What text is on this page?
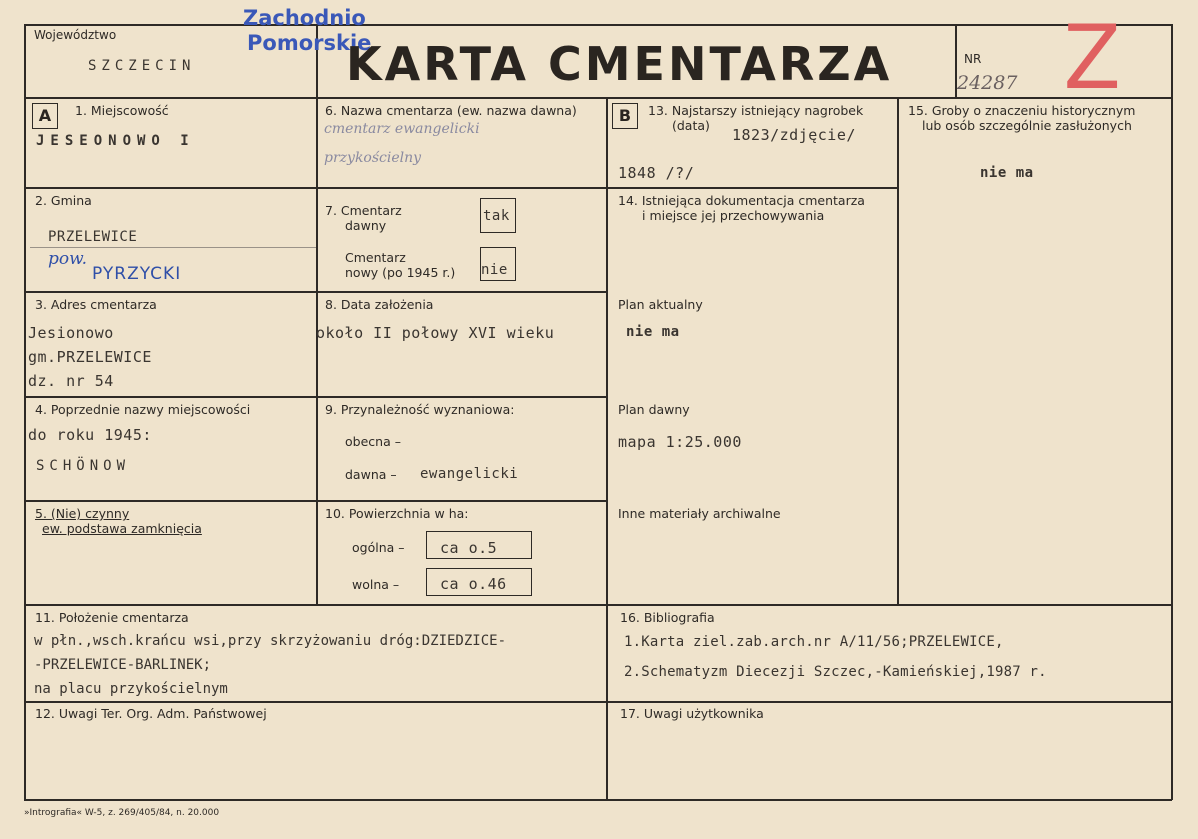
Województwo
SZCZECIN
Zachodnio
Pomorskie
KARTA CMENTARZA	NR
24287 Z
A	1. Miejscowość
JESEONOWO I
2. Gmina
PRZELEWICE
pow.
PYRZYCKI
3. Adres cmentarza
Jesionowo
gm.PRZELEWICE
dz. nr 54
4. Poprzednie nazwy miejscowości
do roku 1945:
SCHÖNOW
5. (Nie) czynny
ew. podstawa zamknięcia
6. Nazwa cmentarza (ew. nazwa dawna)
cmentarz ewangelicki
przykościelny
7. Cmentarz
dawny
tak
Cmentarz
nowy (po 1945 r.) nie
8. Data założenia
około II połowy XVI wieku
9. Przynależność wyznaniowa:
obecna –
dawna – ewangelicki
10. Powierzchnia w ha:
ogólna – ca o.5
wolna –	ca o.46
B	13. Najstarszy istniejący nagrobek
(data)
1823/zdjęcie/
1848 /?/
14. Istniejąca dokumentacja cmentarza
i miejsce jej przechowywania
Plan aktualny
nie ma
Plan dawny
mapa 1:25.000
Inne materiały archiwalne
15. Groby o znaczeniu historycznym
lub osób szczególnie zasłużonych
nie ma
11. Położenie cmentarza
w płn.,wsch.krańcu wsi,przy skrzyżowaniu dróg:DZIEDZICE-
-PRZELEWICE-BARLINEK;
na placu przykościelnym
16. Bibliografia
1.Karta ziel.zab.arch.nr A/11/56;PRZELEWICE,
2.Schematyzm Diecezji Szczec,-Kamieńskiej,1987 r.
12. Uwagi Ter. Org. Adm. Państwowej	17. Uwagi użytkownika
»Intrografia« W-5, z. 269/405/84, n. 20.000
